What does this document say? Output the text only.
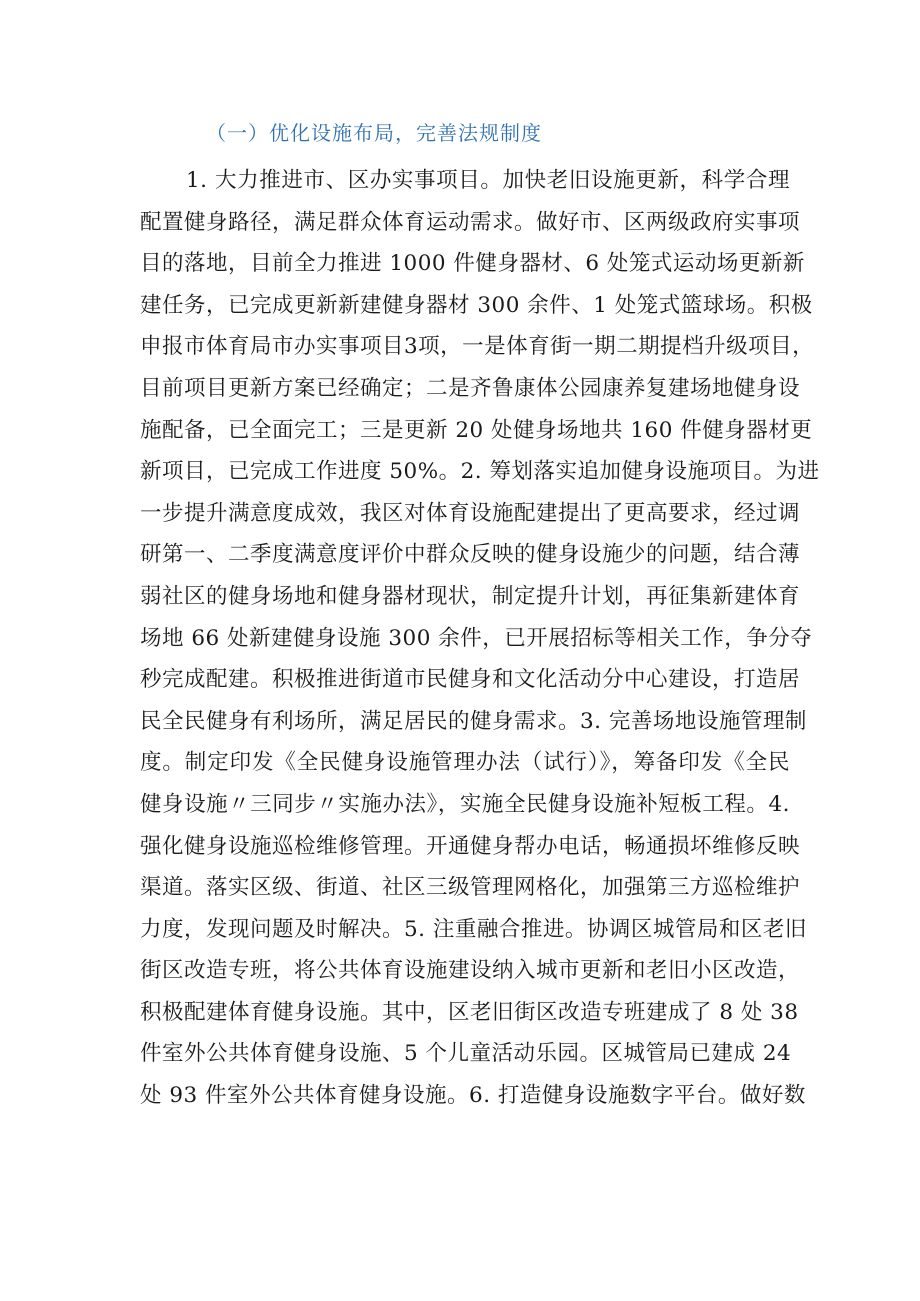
（一）优化设施布局，完善法规制度
1. 大力推进市、区办实事项目。加快老旧设施更新，科学合理
配置健身路径，满足群众体育运动需求。做好市、区两级政府实事项
目的落地，目前全力推进 1000 件健身器材、6 处笼式运动场更新新
建任务，已完成更新新建健身器材 300 余件、1 处笼式篮球场。积极
申报市体育局市办实事项目3项，一是体育街一期二期提档升级项目，
目前项目更新方案已经确定；二是齐鲁康体公园康养复建场地健身设
施配备，已全面完工；三是更新 20 处健身场地共 160 件健身器材更
新项目，已完成工作进度 50%。2. 筹划落实追加健身设施项目。为进
一步提升满意度成效，我区对体育设施配建提出了更高要求，经过调
研第一、二季度满意度评价中群众反映的健身设施少的问题，结合薄
弱社区的健身场地和健身器材现状，制定提升计划，再征集新建体育
场地 66 处新建健身设施 300 余件，已开展招标等相关工作，争分夺
秒完成配建。积极推进街道市民健身和文化活动分中心建设，打造居
民全民健身有利场所，满足居民的健身需求。3. 完善场地设施管理制
度。制定印发《全民健身设施管理办法（试行）》，筹备印发《全民
健身设施〃三同步〃实施办法》，实施全民健身设施补短板工程。4.
强化健身设施巡检维修管理。开通健身帮办电话，畅通损坏维修反映
渠道。落实区级、街道、社区三级管理网格化，加强第三方巡检维护
力度，发现问题及时解决。5. 注重融合推进。协调区城管局和区老旧
街区改造专班，将公共体育设施建设纳入城市更新和老旧小区改造，
积极配建体育健身设施。其中，区老旧街区改造专班建成了 8 处 38
件室外公共体育健身设施、5 个儿童活动乐园。区城管局已建成 24
处 93 件室外公共体育健身设施。6. 打造健身设施数字平台。做好数
